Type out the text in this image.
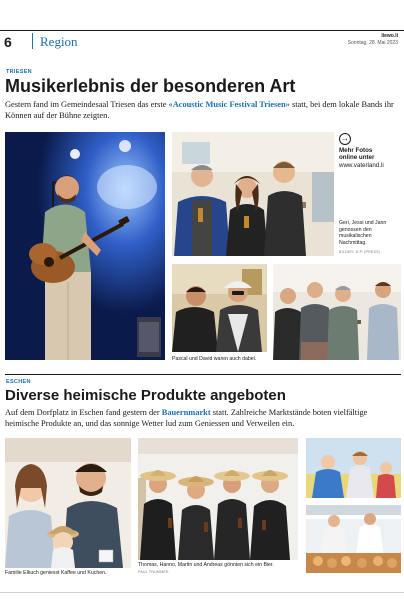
6 Region	liewo.li
Sonntag, 28. Mai 2023
TRIESEN
Musikerlebnis der besonderen Art
Gestern fand im Gemeindesaal Triesen das erste «Acoustic Music Festival Triesen» statt, bei dem lokale Bands ihr Können auf der Bühne zeigten.
→
Mehr Fotos
online unter
www.vaterland.li
Geri, Jessi und Jann
genossen den
musikalischen
Nachmittag.
BILDER: D.P. (PRESS)
Pascal und David waren auch dabei.
ESCHEN
Diverse heimische Produkte angeboten
Auf dem Dorfplatz in Eschen fand gestern der Bauernmarkt statt. Zahlreiche Marktstände boten vielfältige heimische Produkte an, und das sonnige Wetter lud zum Geniessen und Verweilen ein.
Familie Elkuch geniesst Kaffee und Kuchen.
Thomas, Hanno, Martin und Andreas gönnten sich ein Bier.
PAUL TRUMMER
